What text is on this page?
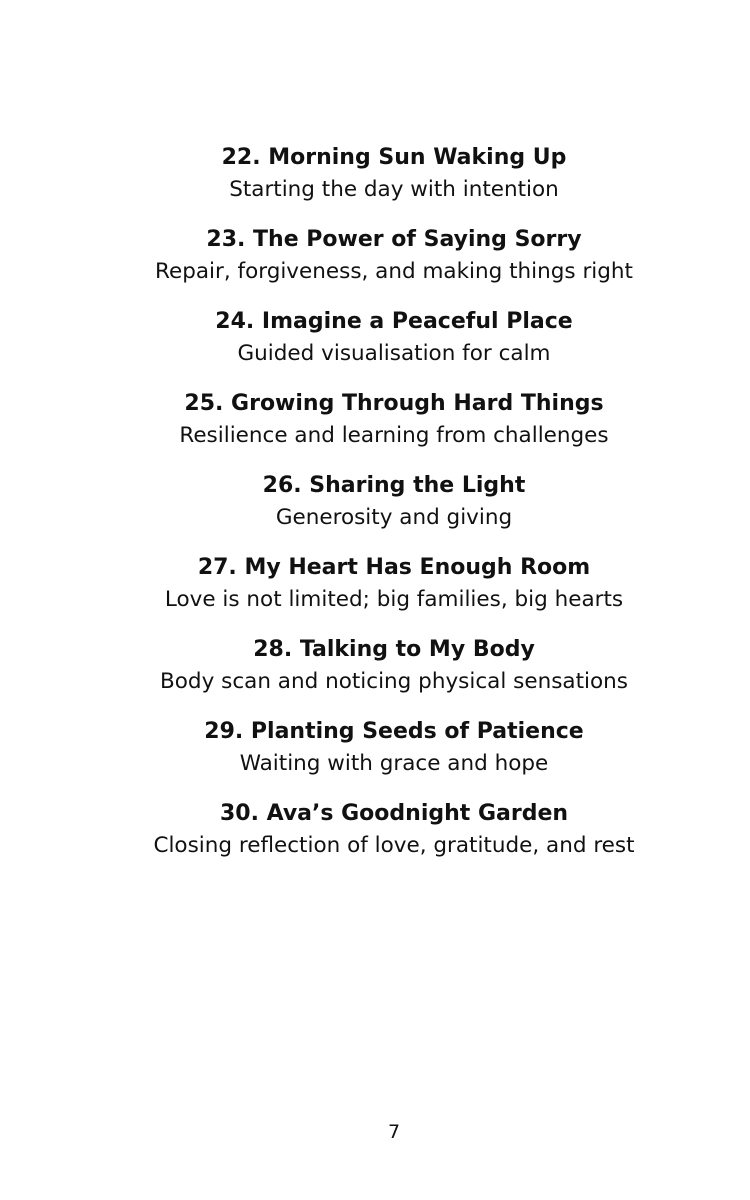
22. Morning Sun Waking Up
Starting the day with intention
23. The Power of Saying Sorry
Repair, forgiveness, and making things right
24. Imagine a Peaceful Place
Guided visualisation for calm
25. Growing Through Hard Things
Resilience and learning from challenges
26. Sharing the Light
Generosity and giving
27. My Heart Has Enough Room
Love is not limited; big families, big hearts
28. Talking to My Body
Body scan and noticing physical sensations
29. Planting Seeds of Patience
Waiting with grace and hope
30. Ava’s Goodnight Garden
Closing reflection of love, gratitude, and rest
7
